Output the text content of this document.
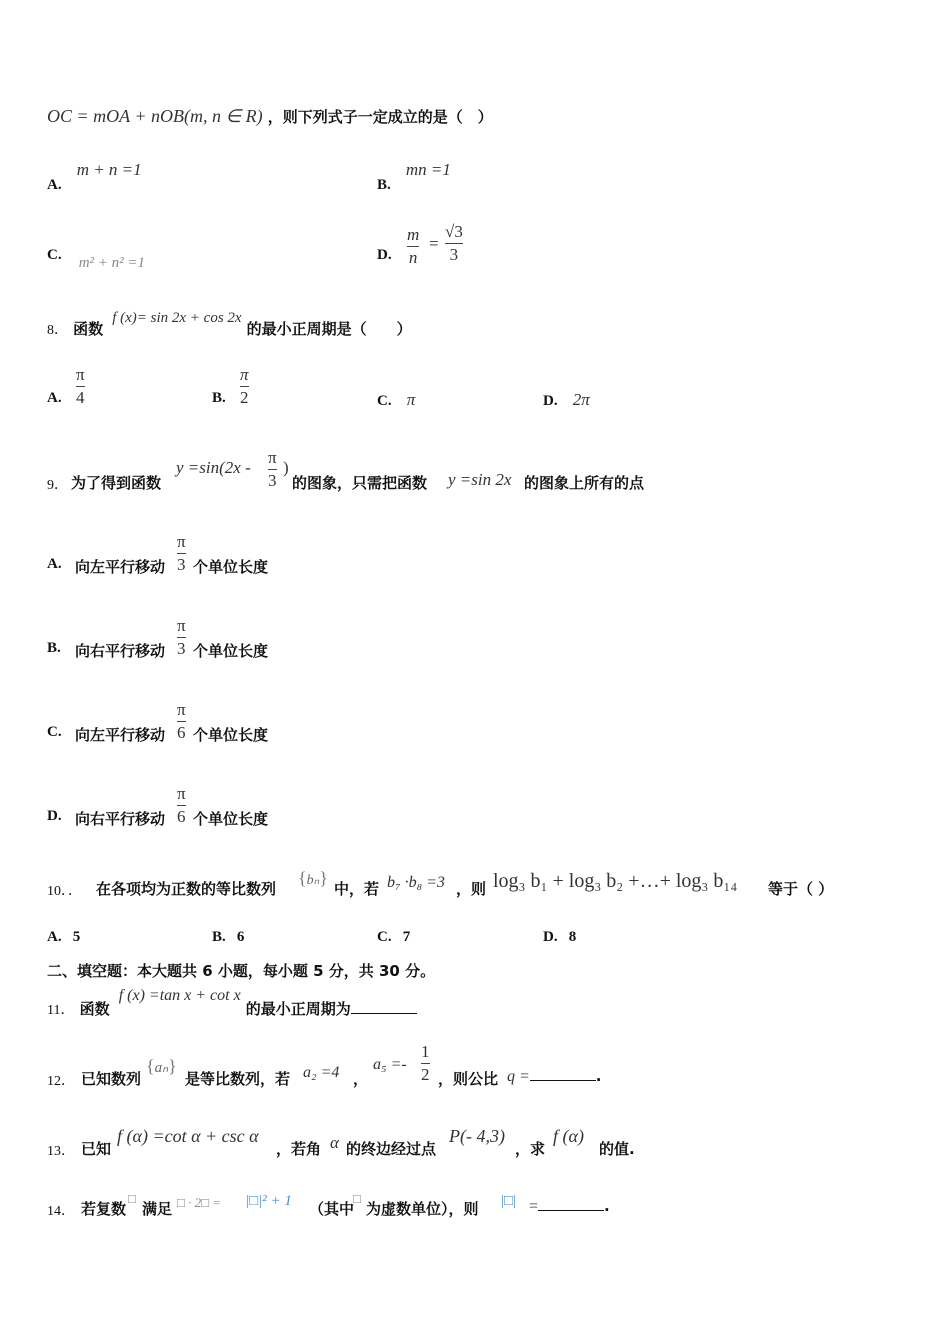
OC = mOA + nOB(m, n ∈ R) ，则下列式子一定成立的是（　）
A. m + n =1
B. mn =1
C. m² + n² =1	D.
m
n
=
√3
3
8． 函数 f (x)= sin 2x + cos 2x 的最小正周期是（　　）
A.
π
4	B.
π
2	C. π	D. 2π
9． 为了得到函数
y =sin(2x -
π
3
)
的图象，只需把函数 y =sin 2x 的图象上所有的点
A. 向左平行移动
π
3 个单位长度
B. 向右平行移动
π
3 个单位长度
C. 向左平行移动
π
6 个单位长度
D. 向右平行移动
π
6 个单位长度
10．． 在各项均为正数的等比数列
{bₙ}
中，若 b₇ ·b₈ =3 ，则 log₃ b₁ + log₃ b₂ +…+ log₃ b₁₄ 等于（ ）
A. 5	B. 6	C. 7	D. 8
二、填空题：本大题共 6 小题，每小题 5 分，共 30 分。
11． 函数 f (x) =tan x + cot x 的最小正周期为
12． 已知数列
{aₙ}
是等比数列，若 a₂ =4 ，
a₅ =-
1
2 ，则公比 q =	.
13． 已知
f (α) =cot α + csc α
，若角 α 的终边经过点
P(- 4,3)
，求
f (α)
的值.
14． 若复数
□
满足 □ · 2□ = |□|² + 1 （其中
□
为虚数单位），则 |□| =	.
